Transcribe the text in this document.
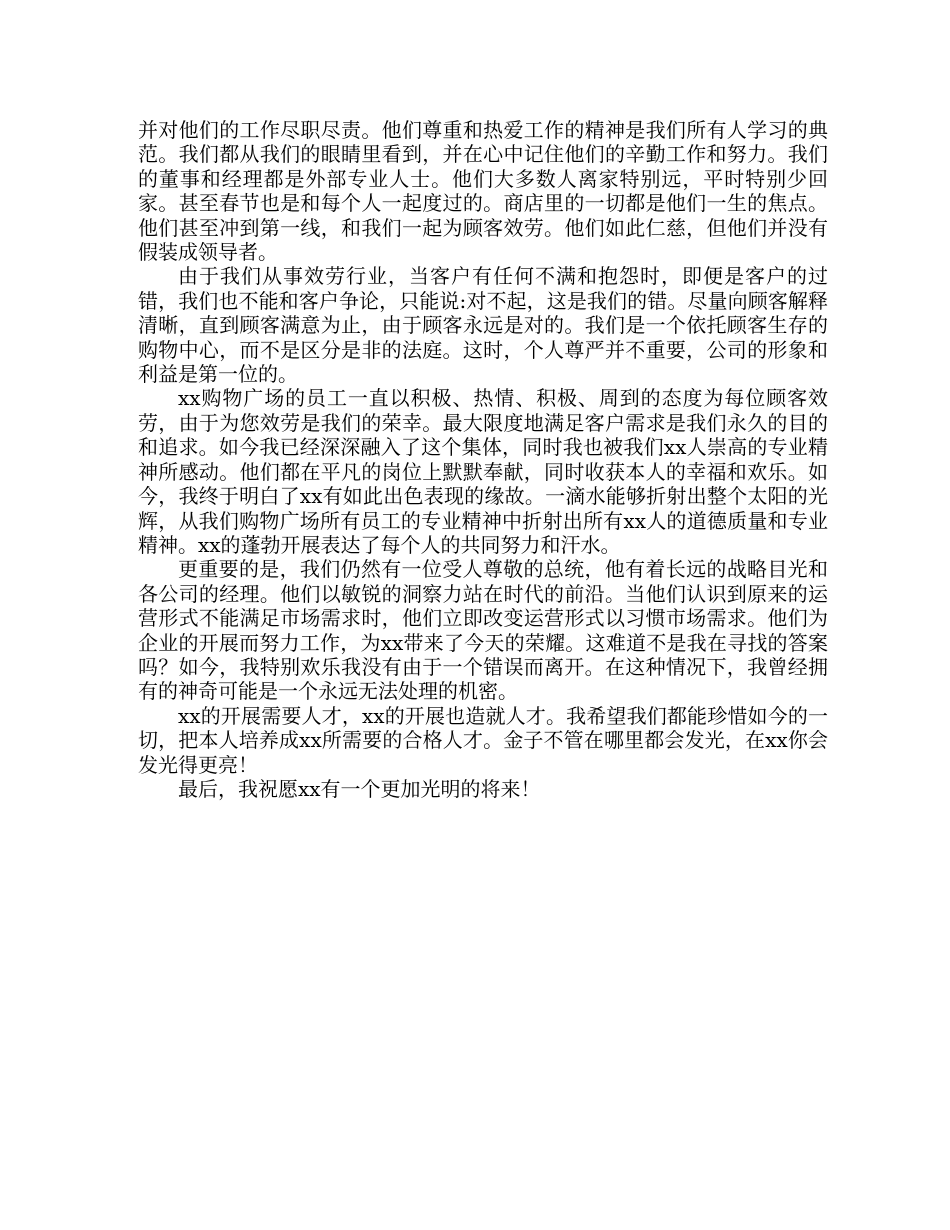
并对他们的工作尽职尽责。他们尊重和热爱工作的精神是我们所有人学习的典范。我们都从我们的眼睛里看到，并在心中记住他们的辛勤工作和努力。我们的董事和经理都是外部专业人士。他们大多数人离家特别远，平时特别少回家。甚至春节也是和每个人一起度过的。商店里的一切都是他们一生的焦点。他们甚至冲到第一线，和我们一起为顾客效劳。他们如此仁慈，但他们并没有假装成领导者。

由于我们从事效劳行业，当客户有任何不满和抱怨时，即便是客户的过错，我们也不能和客户争论，只能说:对不起，这是我们的错。尽量向顾客解释清晰，直到顾客满意为止，由于顾客永远是对的。我们是一个依托顾客生存的购物中心，而不是区分是非的法庭。这时，个人尊严并不重要，公司的形象和利益是第一位的。

xx购物广场的员工一直以积极、热情、积极、周到的态度为每位顾客效劳，由于为您效劳是我们的荣幸。最大限度地满足客户需求是我们永久的目的和追求。如今我已经深深融入了这个集体，同时我也被我们xx人崇高的专业精神所感动。他们都在平凡的岗位上默默奉献，同时收获本人的幸福和欢乐。如今，我终于明白了xx有如此出色表现的缘故。一滴水能够折射出整个太阳的光辉，从我们购物广场所有员工的专业精神中折射出所有xx人的道德质量和专业精神。xx的蓬勃开展表达了每个人的共同努力和汗水。

更重要的是，我们仍然有一位受人尊敬的总统，他有着长远的战略目光和各公司的经理。他们以敏锐的洞察力站在时代的前沿。当他们认识到原来的运营形式不能满足市场需求时，他们立即改变运营形式以习惯市场需求。他们为企业的开展而努力工作，为xx带来了今天的荣耀。这难道不是我在寻找的答案吗？如今，我特别欢乐我没有由于一个错误而离开。在这种情况下，我曾经拥有的神奇可能是一个永远无法处理的机密。

xx的开展需要人才，xx的开展也造就人才。我希望我们都能珍惜如今的一切，把本人培养成xx所需要的合格人才。金子不管在哪里都会发光，在xx你会发光得更亮！

最后，我祝愿xx有一个更加光明的将来！
